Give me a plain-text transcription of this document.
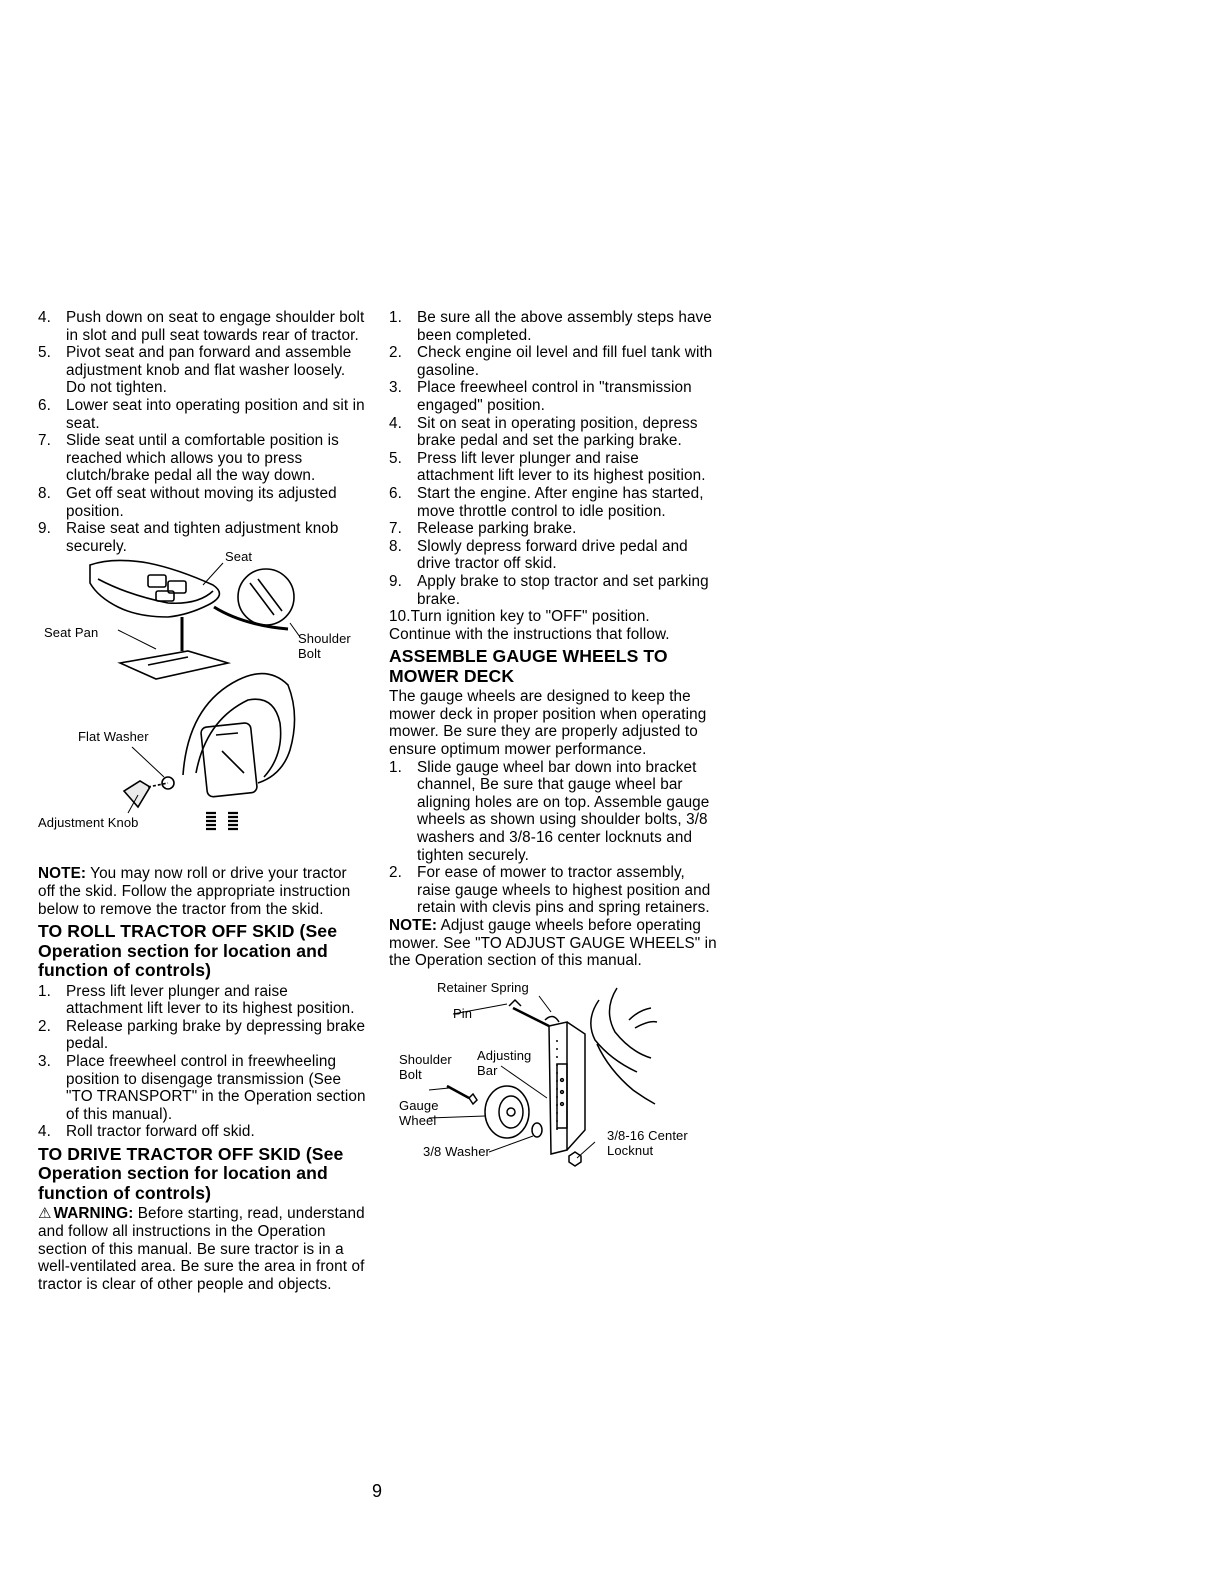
4. Push down on seat to engage shoulder bolt in slot and pull seat towards rear of tractor.
5. Pivot seat and pan forward and assemble adjustment knob and flat washer loosely. Do not tighten.
6. Lower seat into operating position and sit in seat.
7. Slide seat until a comfortable position is reached which allows you to press clutch/brake pedal all the way down.
8. Get off seat without moving its adjusted position.
9. Raise seat and tighten adjustment knob securely.
Seat
Seat Pan	Shoulder Bolt
Flat Washer
Adjustment Knob

NOTE: You may now roll or drive your tractor off the skid. Follow the appropriate instruction below to remove the tractor from the skid.

TO ROLL TRACTOR OFF SKID (See Operation section for location and function of controls)
1. Press lift lever plunger and raise attachment lift lever to its highest position.
2. Release parking brake by depressing brake pedal.
3. Place freewheel control in freewheeling position to disengage transmission (See "TO TRANSPORT" in the Operation section of this manual).
4. Roll tractor forward off skid.
TO DRIVE TRACTOR OFF SKID (See Operation section for location and function of controls)

⚠ WARNING: Before starting, read, understand and follow all instructions in the Operation section of this manual. Be sure tractor is in a well-ventilated area. Be sure the area in front of tractor is clear of other people and objects.

1. Be sure all the above assembly steps have been completed.
2. Check engine oil level and fill fuel tank with gasoline.
3. Place freewheel control in "transmission engaged" position.
4. Sit on seat in operating position, depress brake pedal and set the parking brake.
5. Press lift lever plunger and raise attachment lift lever to its highest position.
6. Start the engine. After engine has started, move throttle control to idle position.
7. Release parking brake.
8. Slowly depress forward drive pedal and drive tractor off skid.
9. Apply brake to stop tractor and set parking brake.
10.Turn ignition key to "OFF" position.

Continue with the instructions that follow.

ASSEMBLE GAUGE WHEELS TO MOWER DECK

The gauge wheels are designed to keep the mower deck in proper position when operating mower. Be sure they are properly adjusted to ensure optimum mower performance.

1. Slide gauge wheel bar down into bracket channel, Be sure that gauge wheel bar aligning holes are on top. Assemble gauge wheels as shown using shoulder bolts, 3/8 washers and 3/8-16 center locknuts and tighten securely.
2. For ease of mower to tractor assembly, raise gauge wheels to highest position and retain with clevis pins and spring retainers.

NOTE: Adjust gauge wheels before operating mower. See "TO ADJUST GAUGE WHEELS" in the Operation section of this manual.

Retainer Spring
Pin
Shoulder Bolt
Adjusting Bar
Gauge Wheel
3/8 Washer
3/8-16 Center Locknut
9
